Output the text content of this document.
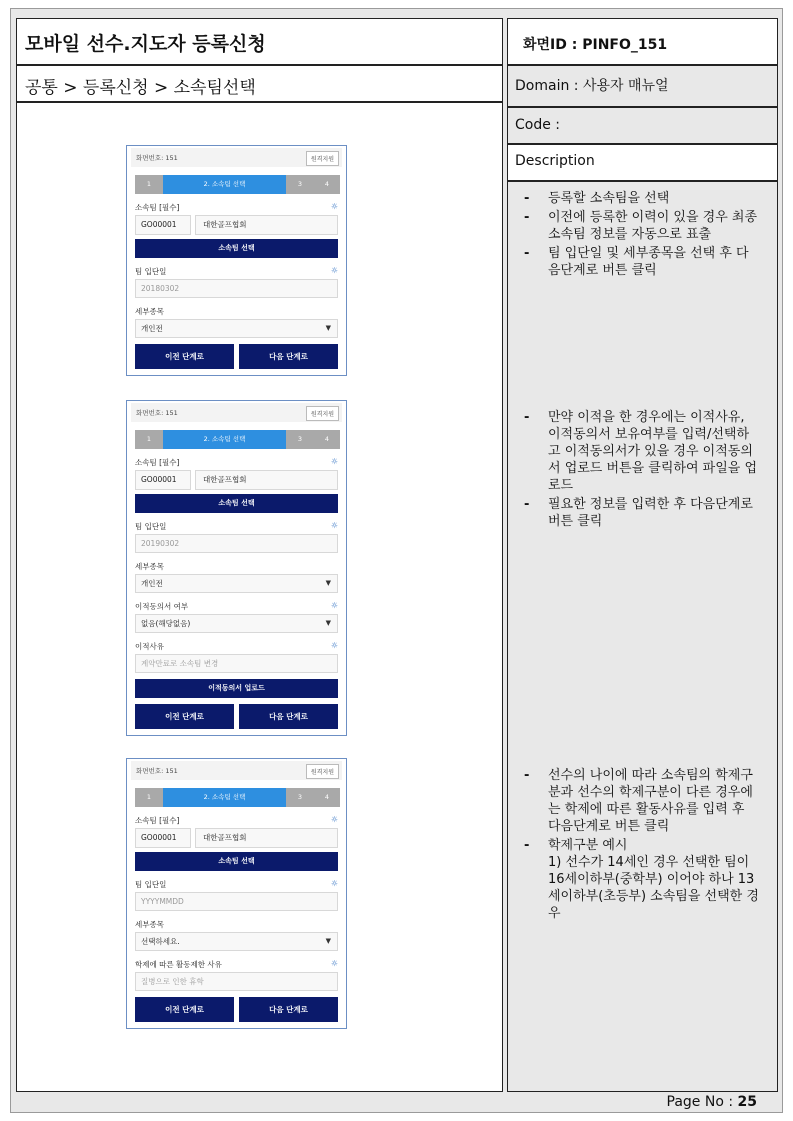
모바일 선수.지도자 등록신청
공통 > 등록신청 > 소속팀선택
화면ID : PINFO_151
Domain : 사용자 매뉴얼
Code :
Description
화면번호: 151	원격지원
1	2. 소속팀 선택	3	4
소속팀 [필수]	☼
GO00001	대한골프협회
소속팀 선택
팀 입단일	☼
20180302
세부종목
개인전	▼
이전 단계로	다음 단계로
화면번호: 151	원격지원
1	2. 소속팀 선택	3	4
소속팀 [필수]	☼
GO00001	대한골프협회
소속팀 선택
팀 입단일	☼
20190302
세부종목
개인전	▼
이적동의서 여부	☼
없음(해당없음)	▼
이적사유	☼
계약만료로 소속팀 변경
이적동의서 업로드
이전 단계로	다음 단계로
화면번호: 151	원격지원
1	2. 소속팀 선택	3	4
소속팀 [필수]	☼
GO00001	대한골프협회
소속팀 선택
팀 입단일	☼
YYYYMMDD
세부종목
선택하세요.	▼
학제에 따른 활동제한 사유	☼
질병으로 인한 휴학
이전 단계로	다음 단계로
- 등록할 소속팀을 선택
- 이전에 등록한 이력이 있을 경우 최종 소속팀 정보를 자동으로 표출
- 팀 입단일 및 세부종목을 선택 후 다음단계로 버튼 클릭
- 만약 이적을 한 경우에는 이적사유, 이적동의서 보유여부를 입력/선택하고 이적동의서가 있을 경우 이적동의서 업로드 버튼을 클릭하여 파일을 업로드
- 필요한 정보를 입력한 후 다음단계로 버튼 클릭
- 선수의 나이에 따라 소속팀의 학제구분과 선수의 학제구분이 다른 경우에는 학제에 따른 활동사유를 입력 후 다음단계로 버튼 클릭
- 학제구분 예시
1) 선수가 14세인 경우 선택한 팀이 16세이하부(중학부) 이어야 하나 13세이하부(초등부) 소속팀을 선택한 경우
Page No : 25
